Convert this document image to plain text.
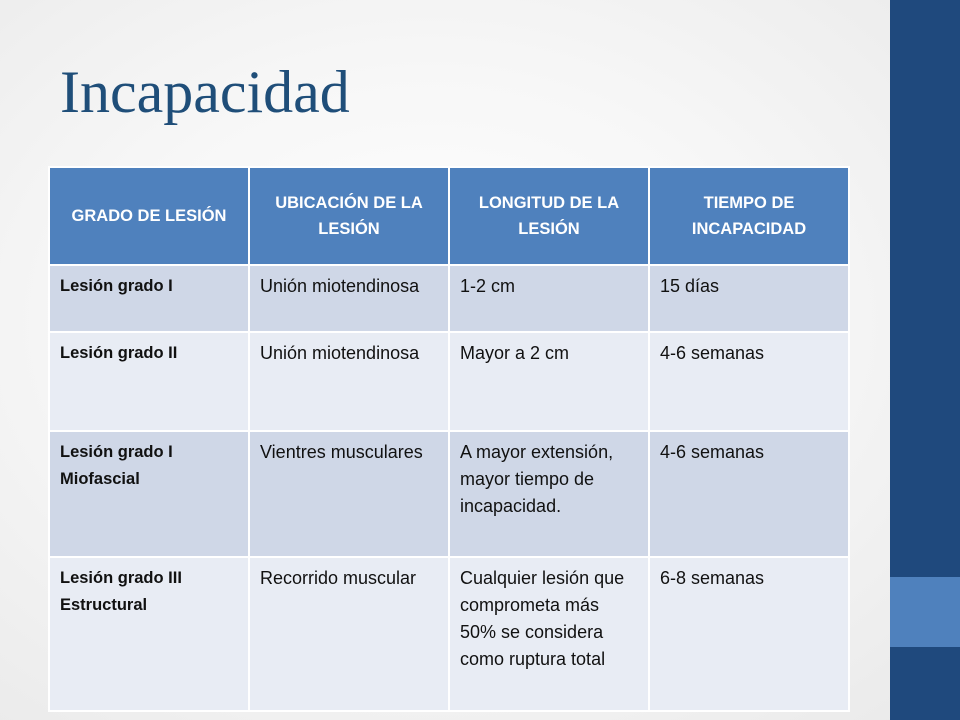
Incapacidad
GRADO DE LESIÓN	UBICACIÓN DE LA LESIÓN	LONGITUD DE LA LESIÓN	TIEMPO DE INCAPACIDAD
Lesión grado I	Unión miotendinosa	1-2 cm	15 días
Lesión grado II	Unión miotendinosa	Mayor a 2 cm	4-6 semanas
Lesión grado I Miofascial	Vientres musculares	A mayor extensión, mayor tiempo de incapacidad.	4-6 semanas
Lesión grado III Estructural	Recorrido muscular	Cualquier lesión que comprometa más 50% se considera como ruptura total	6-8 semanas
